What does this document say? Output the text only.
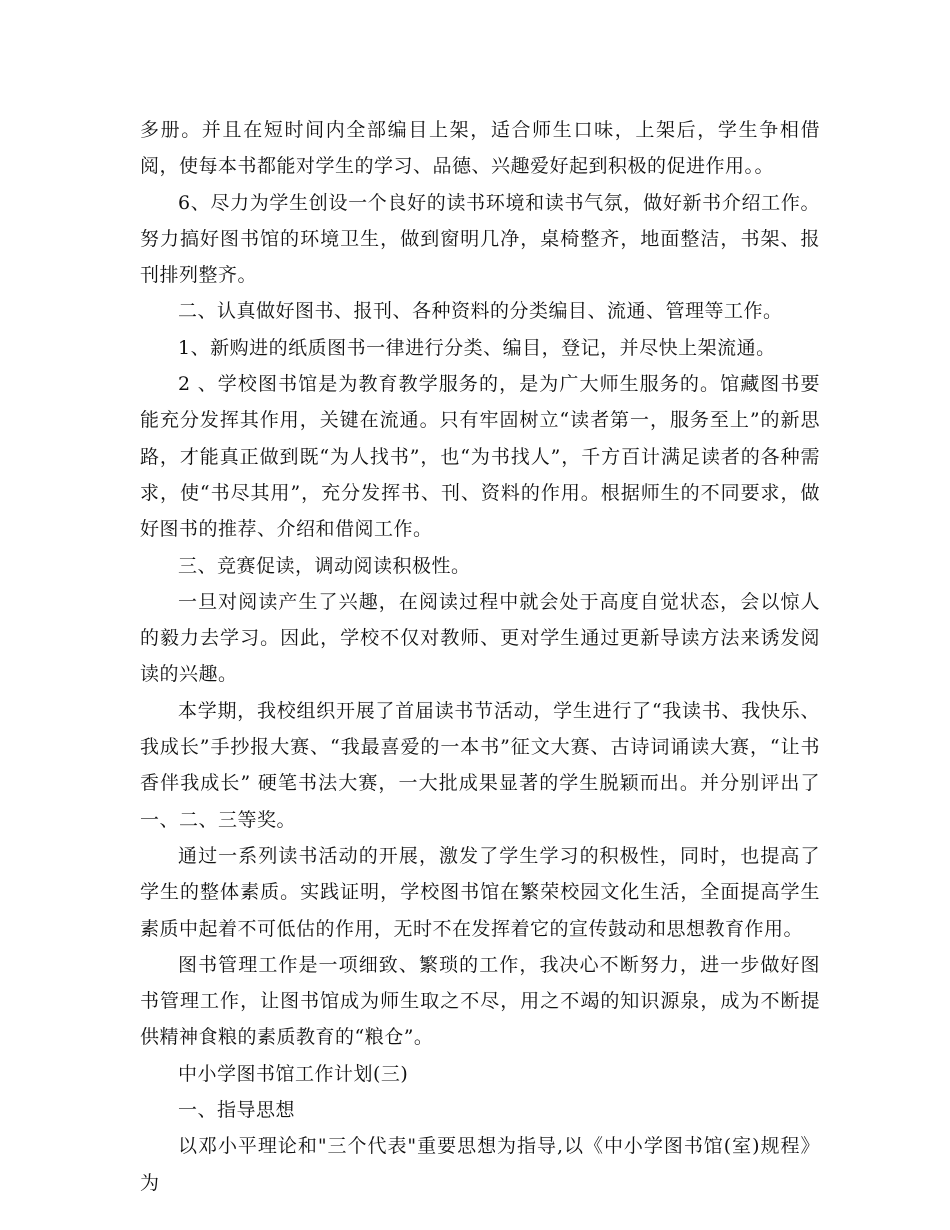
多册。并且在短时间内全部编目上架，适合师生口味，上架后，学生争相借阅，使每本书都能对学生的学习、品德、兴趣爱好起到积极的促进作用。。

6、尽力为学生创设一个良好的读书环境和读书气氛，做好新书介绍工作。努力搞好图书馆的环境卫生，做到窗明几净，桌椅整齐，地面整洁，书架、报刊排列整齐。

二、认真做好图书、报刊、各种资料的分类编目、流通、管理等工作。

1、新购进的纸质图书一律进行分类、编目，登记，并尽快上架流通。

2 、学校图书馆是为教育教学服务的，是为广大师生服务的。馆藏图书要能充分发挥其作用，关键在流通。只有牢固树立“读者第一，服务至上”的新思路，才能真正做到既“为人找书”，也“为书找人”，千方百计满足读者的各种需求，使“书尽其用”，充分发挥书、刊、资料的作用。根据师生的不同要求，做好图书的推荐、介绍和借阅工作。

三、竞赛促读，调动阅读积极性。

一旦对阅读产生了兴趣，在阅读过程中就会处于高度自觉状态，会以惊人的毅力去学习。因此，学校不仅对教师、更对学生通过更新导读方法来诱发阅读的兴趣。

本学期，我校组织开展了首届读书节活动，学生进行了“我读书、我快乐、我成长”手抄报大赛、“我最喜爱的一本书”征文大赛、古诗词诵读大赛，“让书香伴我成长” 硬笔书法大赛，一大批成果显著的学生脱颖而出。并分别评出了一、二、三等奖。

通过一系列读书活动的开展，激发了学生学习的积极性，同时，也提高了学生的整体素质。实践证明，学校图书馆在繁荣校园文化生活，全面提高学生素质中起着不可低估的作用，无时不在发挥着它的宣传鼓动和思想教育作用。

图书管理工作是一项细致、繁琐的工作，我决心不断努力，进一步做好图书管理工作，让图书馆成为师生取之不尽，用之不竭的知识源泉，成为不断提供精神食粮的素质教育的“粮仓”。

中小学图书馆工作计划(三)

一、指导思想

以邓小平理论和"三个代表"重要思想为指导,以《中小学图书馆(室)规程》为
